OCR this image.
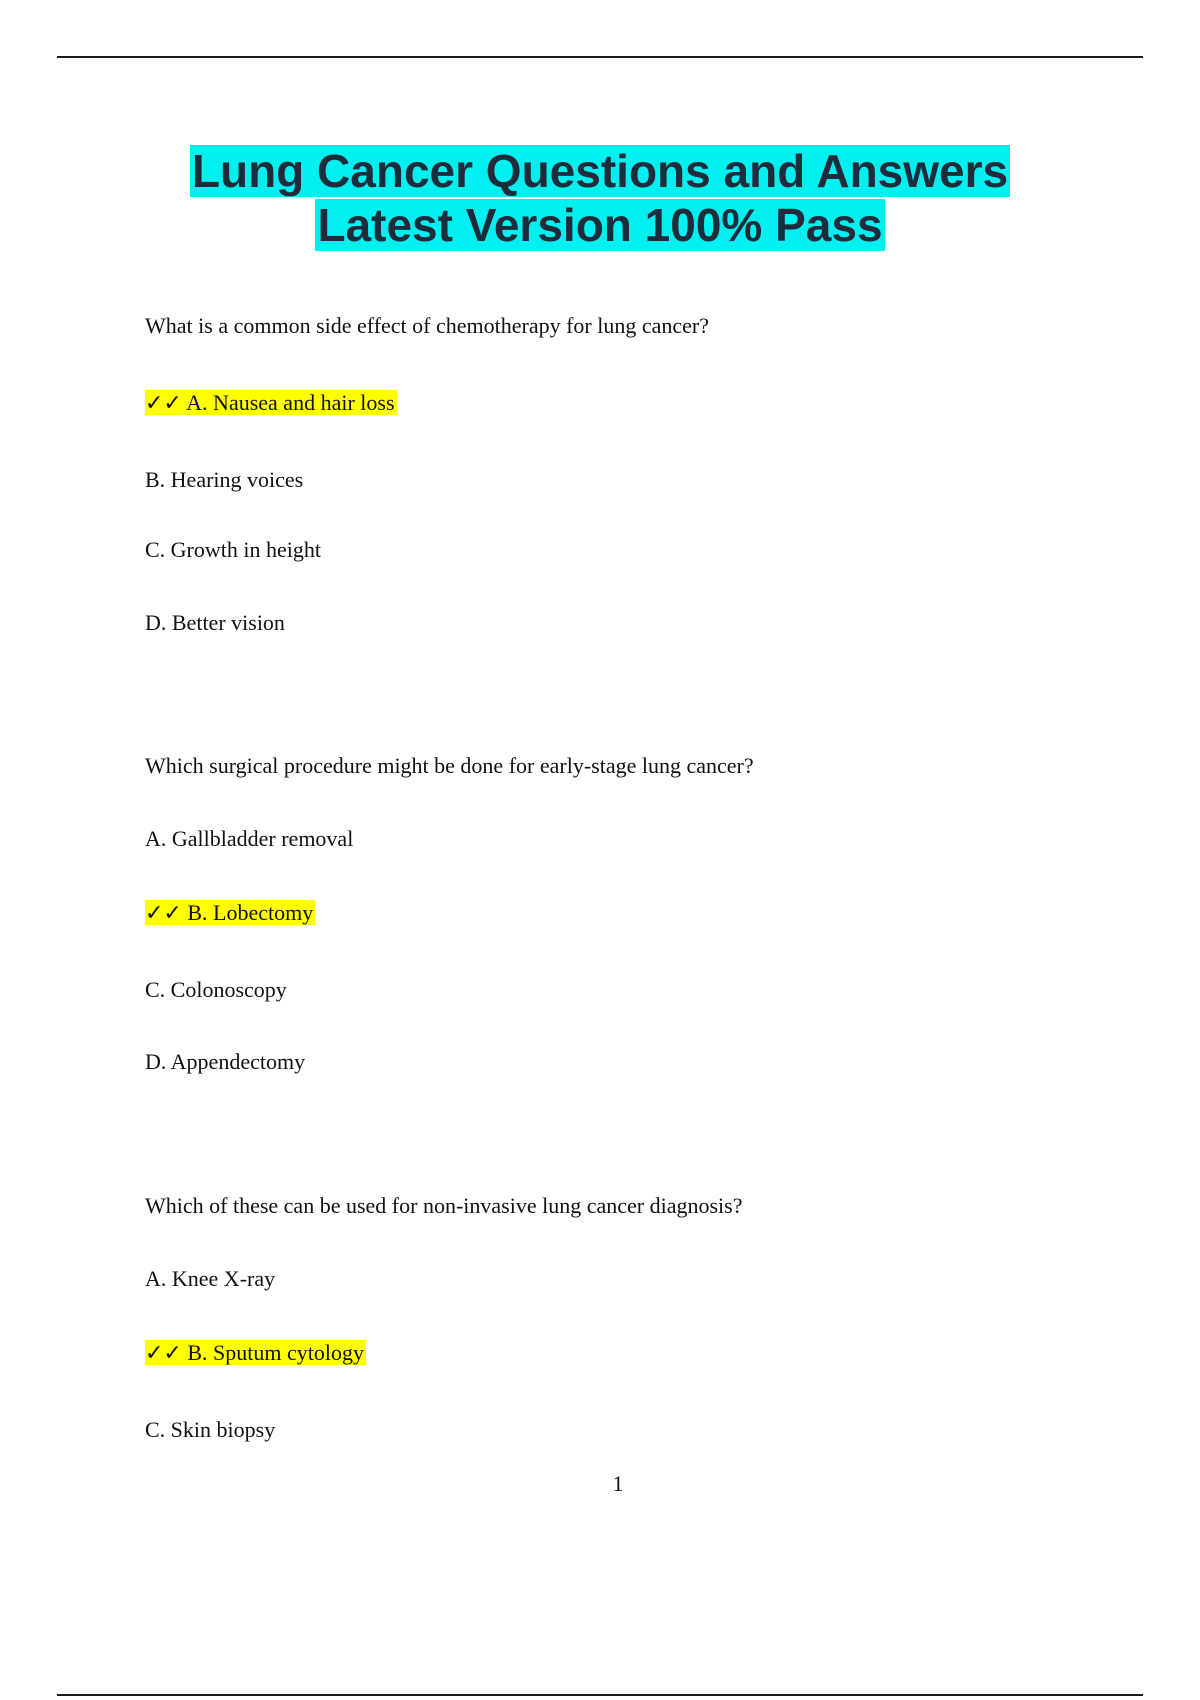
Lung Cancer Questions and Answers
Latest Version 100% Pass
What is a common side effect of chemotherapy for lung cancer?
✓✓ A. Nausea and hair loss
B. Hearing voices
C. Growth in height
D. Better vision
Which surgical procedure might be done for early-stage lung cancer?
A. Gallbladder removal
✓✓ B. Lobectomy
C. Colonoscopy
D. Appendectomy
Which of these can be used for non-invasive lung cancer diagnosis?
A. Knee X-ray
✓✓ B. Sputum cytology
C. Skin biopsy
1
